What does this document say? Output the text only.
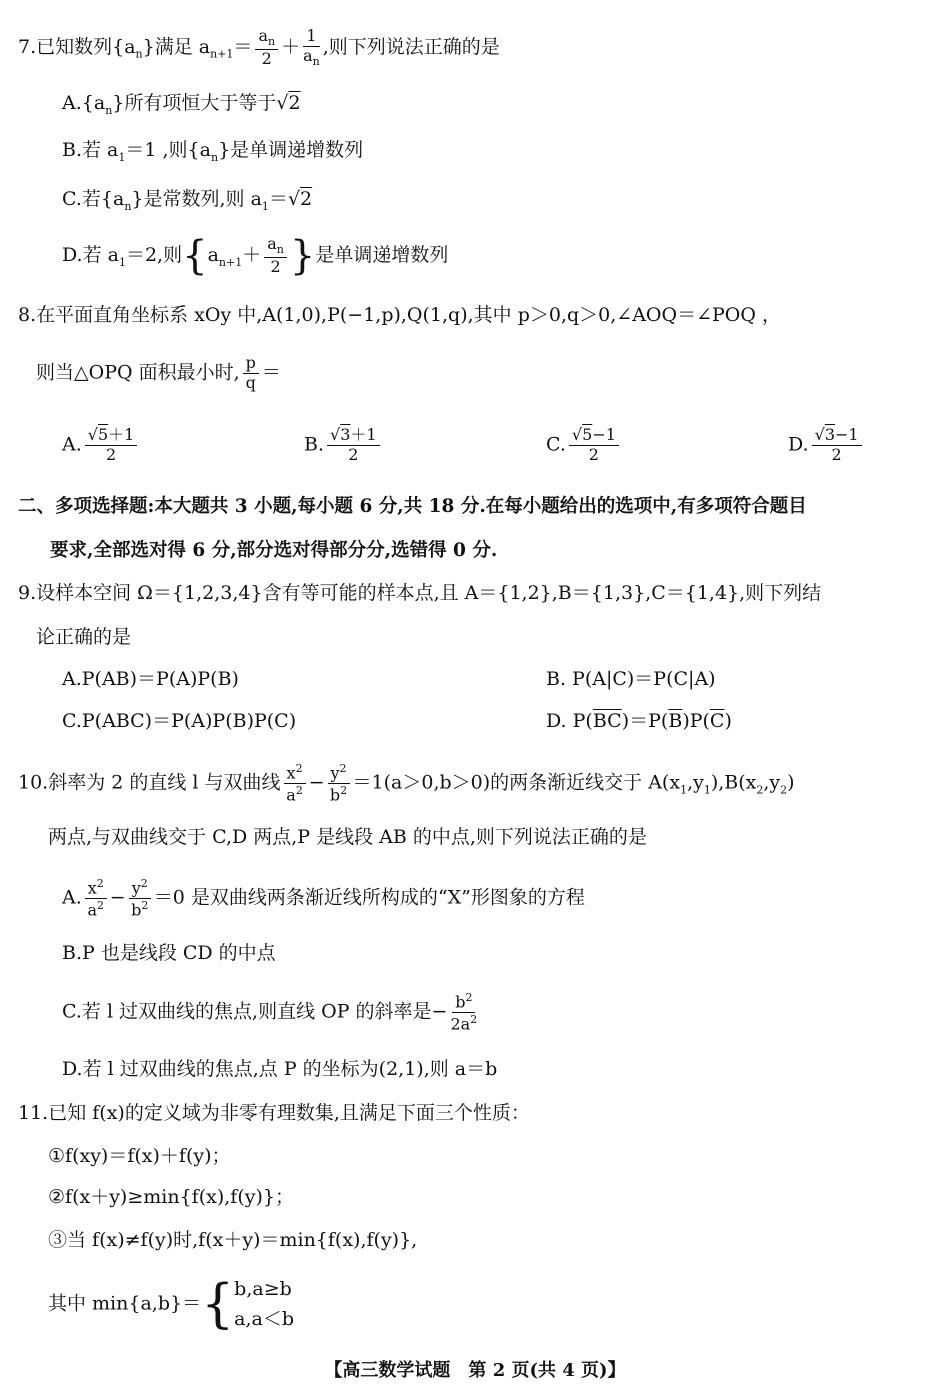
7.已知数列$\{a_n\}$满足 $a_{n+1}= \frac{a_n}{2} + \frac{1}{a_n}$ ,则下列说法正确的是
$A.\{a_n\}$所有项恒大于等于√2
B.若 $a_1=1$ ,则$\{a_n\}$是单调递增数列
C.若$\{a_n\}$是常数列,则 $a_1=√2$
D.若 $a_1=2$,则{$a_{n+1}+ \frac{a_n}{2}$ }是单调递增数列
8.在平面直角坐标系 xOy 中,A(1,0),P(−1,p),Q(1,q),其中 p＞0,q＞0,∠AOQ＝∠POQ ，
则当△OPQ 面积最小时, $\frac{p}{q}$ ＝
A. $\frac{√5+1}{2}$	B. $\frac{√3+1}{2}$	C. $\frac{√5-1}{2}$	D. $\frac{√3-1}{2}$
二、多项选择题:本大题共 3 小题,每小题 6 分,共 18 分.在每小题给出的选项中,有多项符合题目
要求,全部选对得 6 分,部分选对得部分分,选错得 0 分.
9.设样本空间 Ω＝{1,2,3,4}含有等可能的样本点,且 A＝{1,2},B＝{1,3},C＝{1,4},则下列结
论正确的是
A.P(AB)＝P(A)P(B)	B. P(A|C)＝P(C|A)
C.P(ABC)＝P(A)P(B)P(C)	D. $P(\overline{B}\overline{C})=P(\overline{B})P(\overline{C})$
10.斜率为 2 的直线 l 与双曲线 $\frac{x^2}{a^2} - \frac{y^2}{b^2} =1(a>0,b>0)$的两条渐近线交于 $A(x_1,y_1),B(x_2,y_2)$
两点,与双曲线交于 C,D 两点,P 是线段 AB 的中点,则下列说法正确的是
A. $\frac{x^2}{a^2} - \frac{y^2}{b^2} =0$ 是双曲线两条渐近线所构成的“X”形图象的方程
B.P 也是线段 CD 的中点
C.若 l 过双曲线的焦点,则直线 OP 的斜率是− $\frac{b^2}{2a^2}$
D.若 l 过双曲线的焦点,点 P 的坐标为(2,1),则 a＝b
11.已知 f(x)的定义域为非零有理数集,且满足下面三个性质：
①f(xy)＝f(x)＋f(y)；
②f(x＋y)≥min{f(x),f(y)}；
③当 f(x)≠f(y)时,f(x＋y)＝min{f(x),f(y)},
其中 min{a,b}＝{ b,a≥b
a,a＜b
【高三数学试题　第 2 页(共 4 页)】
